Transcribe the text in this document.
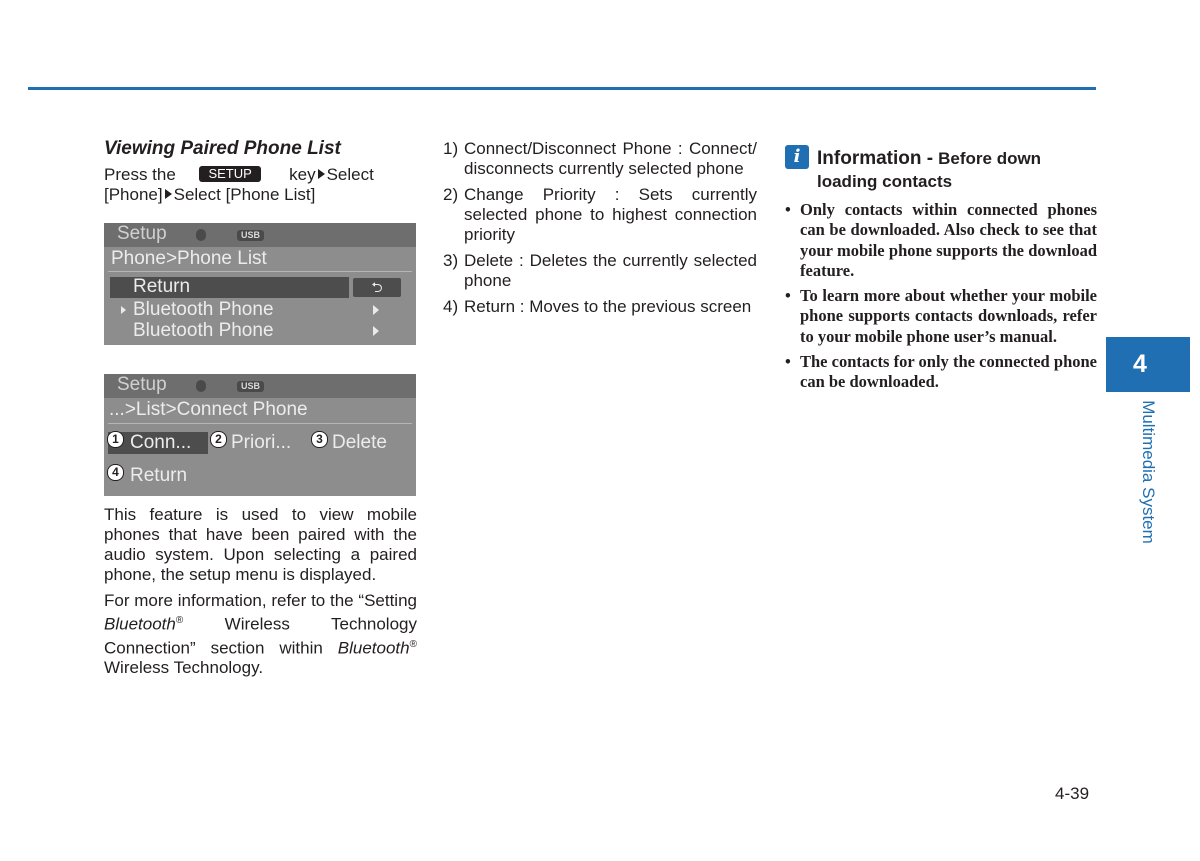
Viewing Paired Phone List
Press the	SETUP key Select
[Phone] Select [Phone List]
Setup	USB
Phone>Phone List
Return	⮌
Bluetooth Phone
Bluetooth Phone
Setup	USB
...>List>Connect Phone
1 Conn...	2 Priori...	3 Delete
4 Return
This feature is used to view mobile phones that have been paired with the audio system. Upon selecting a paired phone, the setup menu is displayed.
For more information, refer to the “Setting Bluetooth® Wireless Technology Connection” section within Bluetooth® Wireless Technology.
1) Connect/Disconnect Phone : Connect/ disconnects currently selected phone
2) Change Priority : Sets currently selected phone to highest connection priority
3) Delete : Deletes the currently selected phone
4) Return : Moves to the previous screen
i Information - Before down
loading contacts
• Only contacts within connected phones can be downloaded. Also check to see that your mobile phone supports the download feature.
• To learn more about whether your mobile phone supports contacts downloads, refer to your mobile phone user’s manual.
• The contacts for only the connected phone can be downloaded.
4
Multimedia System
4-39
